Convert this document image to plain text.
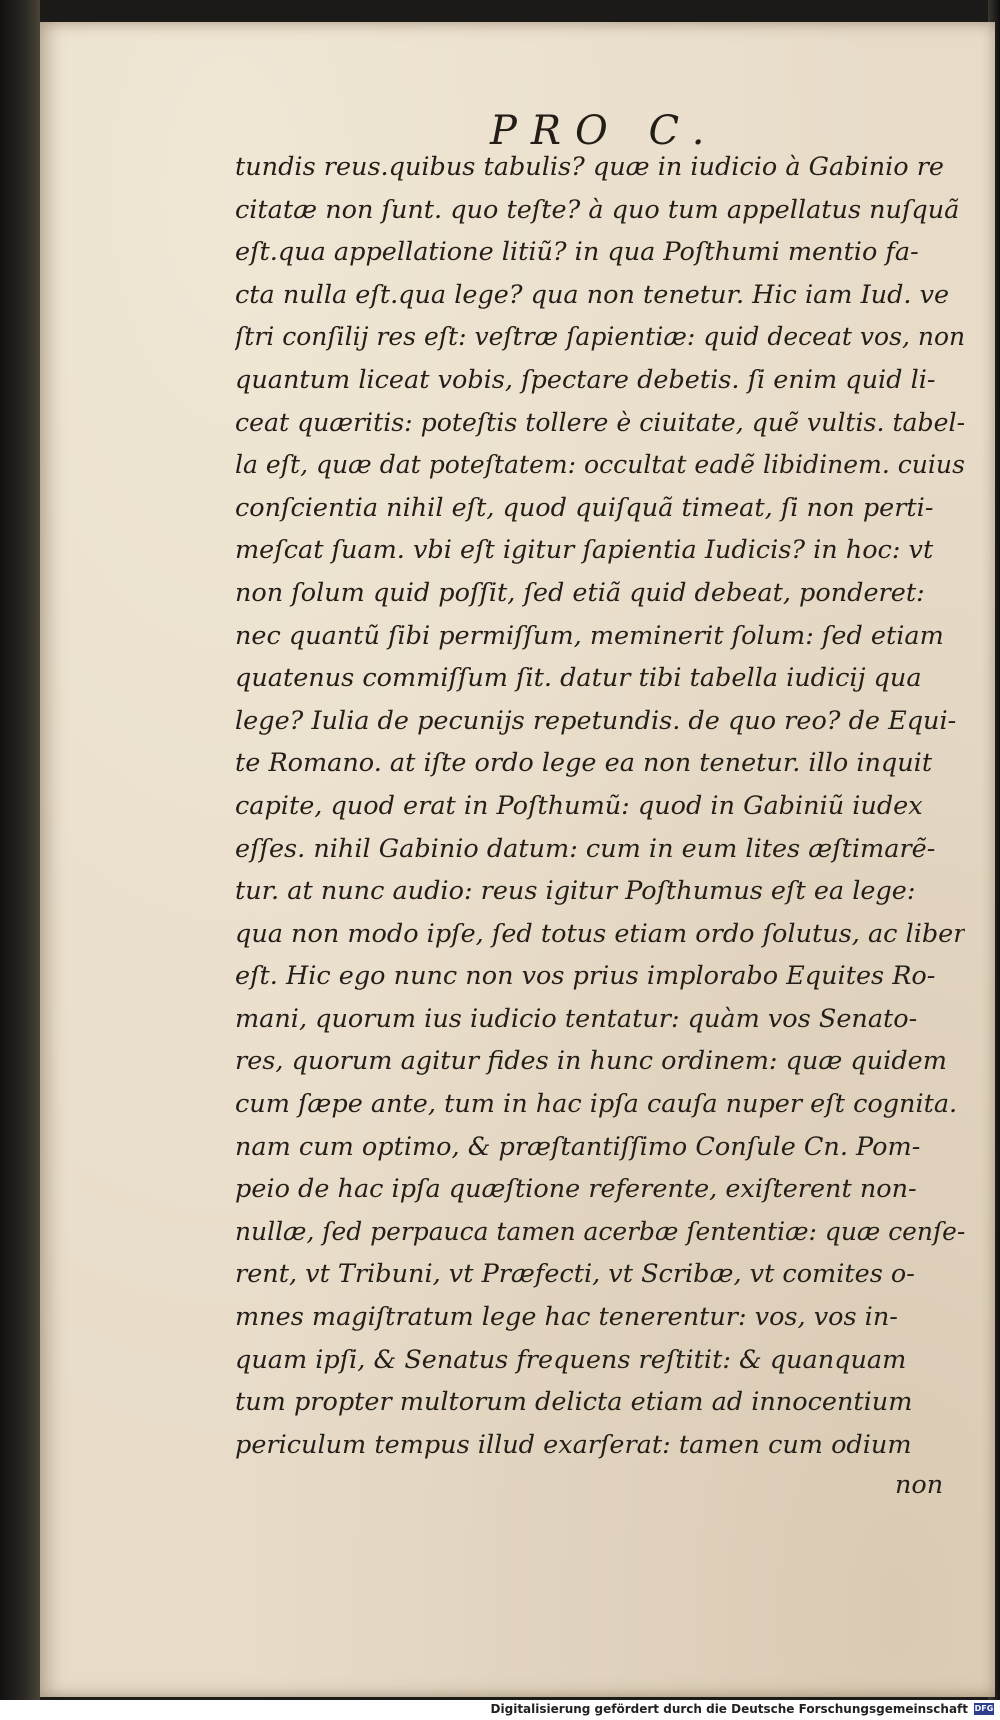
PRO C.
tundis reus.quibus tabulis? quæ in iudicio à Gabinio re
citatæ non ſunt. quo teſte? à quo tum appellatus nuſquã
eſt.qua appellatione litiũ? in qua Poſthumi mentio fa-
cta nulla eſt.qua lege? qua non tenetur. Hic iam Iud. ve
ſtri conſilij res eſt: veſtræ ſapientiæ: quid deceat vos, non
quantum liceat vobis, ſpectare debetis. ſi enim quid li-
ceat quæritis: poteſtis tollere è ciuitate, quẽ vultis. tabel-
la eſt, quæ dat poteſtatem: occultat eadẽ libidinem. cuius
conſcientia nihil eſt, quod quiſquã timeat, ſi non perti-
meſcat ſuam. vbi eſt igitur ſapientia Iudicis? in hoc: vt
non ſolum quid poſſit, ſed etiã quid debeat, ponderet:
nec quantũ ſibi permiſſum, meminerit ſolum: ſed etiam
quatenus commiſſum ſit. datur tibi tabella iudicij qua
lege? Iulia de pecunijs repetundis. de quo reo? de Equi-
te Romano. at iſte ordo lege ea non tenetur. illo inquit
capite, quod erat in Poſthumũ: quod in Gabiniũ iudex
eſſes. nihil Gabinio datum: cum in eum lites æſtimarẽ-
tur. at nunc audio: reus igitur Poſthumus eſt ea lege:
qua non modo ipſe, ſed totus etiam ordo ſolutus, ac liber
eſt. Hic ego nunc non vos prius implorabo Equites Ro-
mani, quorum ius iudicio tentatur: quàm vos Senato-
res, quorum agitur fides in hunc ordinem: quæ quidem
cum ſæpe ante, tum in hac ipſa cauſa nuper eſt cognita.
nam cum optimo, & præſtantiſſimo Conſule Cn. Pom-
peio de hac ipſa quæſtione referente, exiſterent non-
nullæ, ſed perpauca tamen acerbæ ſententiæ: quæ cenſe-
rent, vt Tribuni, vt Præfecti, vt Scribæ, vt comites o-
mnes magiſtratum lege hac tenerentur: vos, vos in-
quam ipſi, & Senatus frequens reſtitit: & quanquam
tum propter multorum delicta etiam ad innocentium
periculum tempus illud exarſerat: tamen cum odium
non
Digitalisierung gefördert durch die Deutsche Forschungsgemeinschaft DFG
